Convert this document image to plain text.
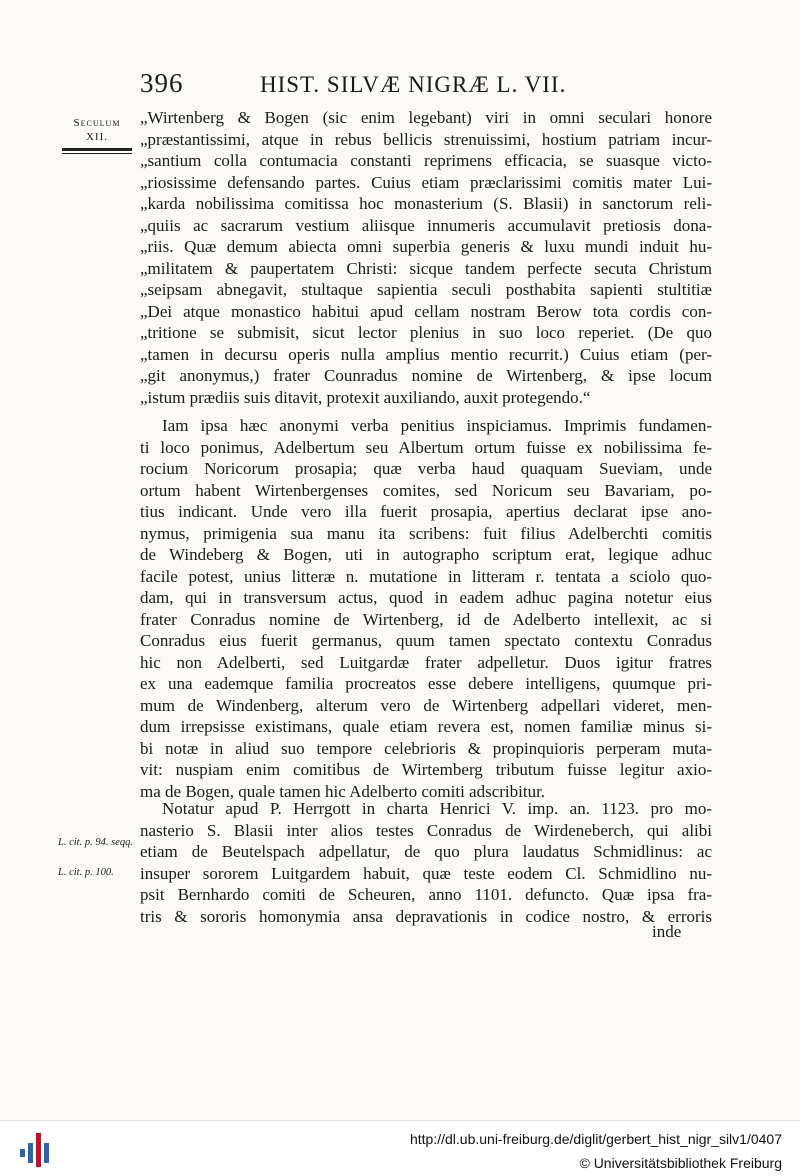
396	HIST. SILVÆ NIGRÆ L. VII.
Seculum
XII.
L. cit. p. 94. seqq.
L. cit. p. 100.
„Wirtenberg & Bogen (sic enim legebant) viri in omni seculari honore
„præstantissimi, atque in rebus bellicis strenuissimi, hostium patriam incur-
„santium colla contumacia constanti reprimens efficacia, se suasque victo-
„riosissime defensando partes. Cuius etiam præclarissimi comitis mater Lui-
„karda nobilissima comitissa hoc monasterium (S. Blasii) in sanctorum reli-
„quiis ac sacrarum vestium aliisque innumeris accumulavit pretiosis dona-
„riis. Quæ demum abiecta omni superbia generis & luxu mundi induit hu-
„militatem & paupertatem Christi: sicque tandem perfecte secuta Christum
„seipsam abnegavit, stultaque sapientia seculi posthabita sapienti stultitiæ
„Dei atque monastico habitui apud cellam nostram Berow tota cordis con-
„tritione se submisit, sicut lector plenius in suo loco reperiet. (De quo
„tamen in decursu operis nulla amplius mentio recurrit.) Cuius etiam (per-
„git anonymus,) frater Counradus nomine de Wirtenberg, & ipse locum
„istum prædiis suis ditavit, protexit auxiliando, auxit protegendo.“
Iam ipsa hæc anonymi verba penitius inspiciamus. Imprimis fundamen-
ti loco ponimus, Adelbertum seu Albertum ortum fuisse ex nobilissima fe-
rocium Noricorum prosapia; quæ verba haud quaquam Sueviam, unde
ortum habent Wirtenbergenses comites, sed Noricum seu Bavariam, po-
tius indicant. Unde vero illa fuerit prosapia, apertius declarat ipse ano-
nymus, primigenia sua manu ita scribens: fuit filius Adelberchti comitis
de Windeberg & Bogen, uti in autographo scriptum erat, legique adhuc
facile potest, unius litteræ n. mutatione in litteram r. tentata a sciolo quo-
dam, qui in transversum actus, quod in eadem adhuc pagina notetur eius
frater Conradus nomine de Wirtenberg, id de Adelberto intellexit, ac si
Conradus eius fuerit germanus, quum tamen spectato contextu Conradus
hic non Adelberti, sed Luitgardæ frater adpelletur. Duos igitur fratres
ex una eademque familia procreatos esse debere intelligens, quumque pri-
mum de Windenberg, alterum vero de Wirtenberg adpellari videret, men-
dum irrepsisse existimans, quale etiam revera est, nomen familiæ minus si-
bi notæ in aliud suo tempore celebrioris & propinquioris perperam muta-
vit: nuspiam enim comitibus de Wirtemberg tributum fuisse legitur axio-
ma de Bogen, quale tamen hic Adelberto comiti adscribitur.
Notatur apud P. Herrgott in charta Henrici V. imp. an. 1123. pro mo-
nasterio S. Blasii inter alios testes Conradus de Wirdeneberch, qui alibi
etiam de Beutelspach adpellatur, de quo plura laudatus Schmidlinus: ac
insuper sororem Luitgardem habuit, quæ teste eodem Cl. Schmidlino nu-
psit Bernhardo comiti de Scheuren, anno 1101. defuncto. Quæ ipsa fra-
tris & sororis homonymia ansa depravationis in codice nostro, & erroris
inde
http://dl.ub.uni-freiburg.de/diglit/gerbert_hist_nigr_silv1/0407
© Universitätsbibliothek Freiburg
